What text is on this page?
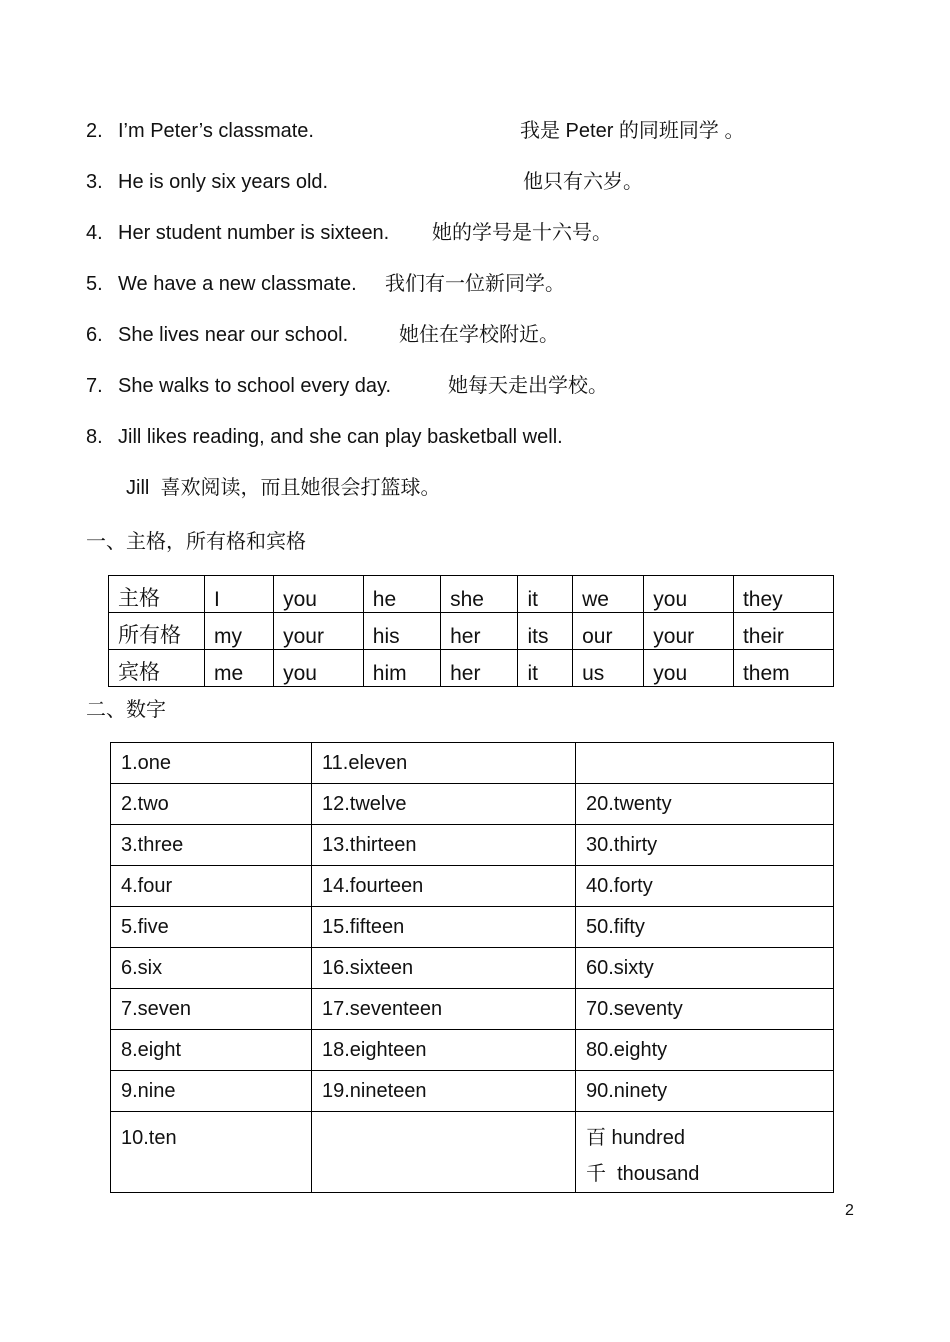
2. I’m Peter’s classmate.	我是 Peter 的同班同学 。
3. He is only six years old.	他只有六岁。
4. Her student number is sixteen. 她的学号是十六号。
5. We have a new classmate. 我们有一位新同学。
6. She lives near our school.	她住在学校附近。
7. She walks to school every day.	她每天走出学校。
8. Jill likes reading, and she can play basketball well.
Jill  喜欢阅读，而且她很会打篮球。
一、主格，所有格和宾格
主格	I	you	he	she	it	we	you	they
所有格	my	your	his	her	its	our	your	their
宾格	me	you	him	her	it	us	you	them
二、数字
1.one	11.eleven	
2.two	12.twelve	20.twenty
3.three	13.thirteen	30.thirty
4.four	14.fourteen	40.forty
5.five	15.fifteen	50.fifty
6.six	16.sixteen	60.sixty
7.seven	17.seventeen	70.seventy
8.eight	18.eighteen	80.eighty
9.nine	19.nineteen	90.ninety
10.ten		百 hundred
千  thousand
2
